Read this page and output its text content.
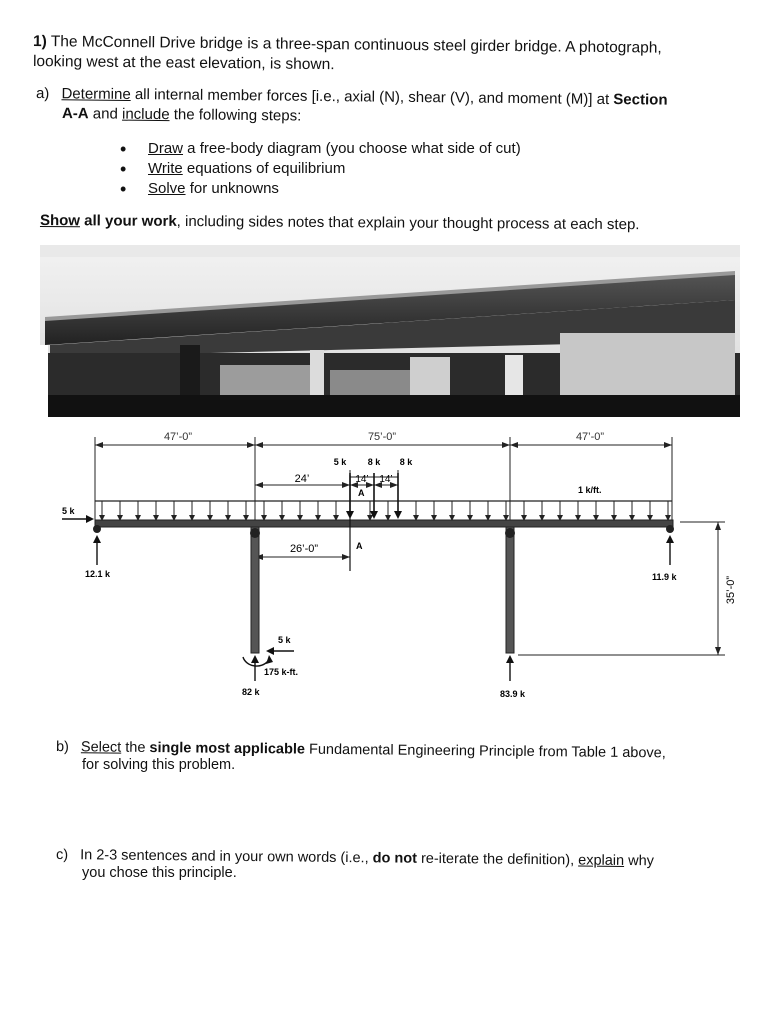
1) The McConnell Drive bridge is a three-span continuous steel girder bridge. A photograph,
looking west at the east elevation, is shown.
a) Determine all internal member forces [i.e., axial (N), shear (V), and moment (M)] at Section
A-A and include the following steps:
• Draw a free-body diagram (you choose what side of cut)
• Write equations of equilibrium
• Solve for unknowns
Show all your work, including sides notes that explain your thought process at each step.
47’-0”	75’-0”	47’-0”
24’	14’ 14’
5 k 8 k 8 k
A	1 k/ft.
5 k
26’-0”	A
12.1 k	11.9 k	35’-0”
5 k
175 k-ft.
82 k	83.9 k
b) Select the single most applicable Fundamental Engineering Principle from Table 1 above,
for solving this problem.
c) In 2-3 sentences and in your own words (i.e., do not re-iterate the definition), explain why
you chose this principle.
